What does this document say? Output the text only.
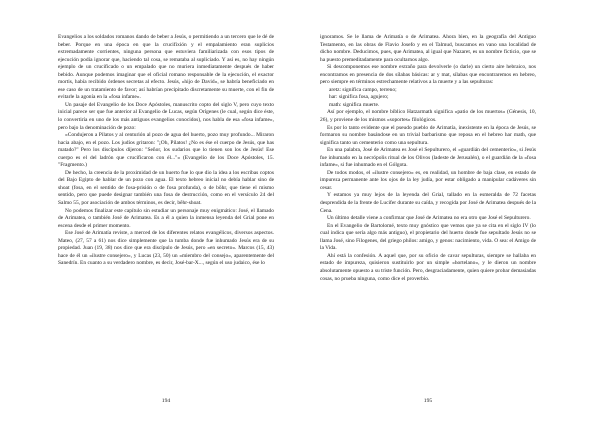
Evangelios a los soldados romanos dando de beber a Jesús, o permitiendo a un tercero que le dé de beber. Porque en una época en que la crucifixión y el empalamiento eran suplicios extremadamente corrientes, ninguna persona que estuviera familiarizada con esos tipos de ejecución podía ignorar que, haciendo tal cosa, se remataba al supliciado. Y así es, no hay ningún ejemplo de un crucificado o un empalado que no muriera inmediatamente después de haber bebido. Aunque podemos imaginar que el oficial romano responsable de la ejecución, el exactor mortis, había recibido órdenes secretas al efecto. Jesús, «hijo de David», se habría beneficiado en ese caso de un tratamiento de favor; así habrían precipitado discretamente su muerte, con el fin de evitarle la agonía en la «fosa infame».

Un pasaje del Evangelio de los Doce Apóstoles, manuscrito copto del siglo V, pero cuyo texto inicial parece ser que fue anterior al Evangelio de Lucas, según Orígenes (le cual, según dice éste, lo convertiría en uno de los más antiguos evangelios conocidos), nos habla de esa «fosa infame», pero bajo la denominación de pozo:

«Condujeron a Pilatos y al centurión al pozo de agua del huerto, pozo muy profundo... Miraron hacia abajo, en el pozo. Los judíos gritaron: "¡Oh, Pilatos! ¿No es ése el cuerpo de Jesús, que has matado?" Pero los discípulos dijeron: "Señor, los sudarios que lo tienen son los de Jesús! Ese cuerpo es el del ladrón que crucificaron con él..."» (Evangelio de los Doce Apóstoles, 15. "Fragmento.)

De hecho, la creencia de la proximidad de un huerto fue lo que dio la idea a los escribas coptos del Bajo Egipto de hablar de un pozo con agua. El texto hebreo inicial no debía hablar sino de shoat (fosa, en el sentido de fosa-prisión o de fosa profunda), o de bôhr, que tiene el mismo sentido, pero que puede designar también una fosa de destrucción, como en el versículo 24 del Salmo 55, por asociación de ambos términos, es decir, bêhr-shoat.

No podemos finalizar este capítulo sin estudiar un personaje muy enigmático: José, el llamado de Arimatea, o también José de Arimatea. Es a él a quien la inmensa leyenda del Grial pone en escena desde el primer momento.

Ese José de Arimatía reviste, a merced de los diferentes relatos evangélicos, diversos aspectos. Mateo, (27, 57 a 61) nos dice simplemente que la tumba donde fue inhumado Jesús era de su propiedad. Juan (19, 38) nos dice que era discípulo de Jesús, pero «en secreto». Marcos (15, 43) hace de él un «ilustre consejero», y Lucas (23, 50) un «miembro del consejo», aparentemente del Sanedrín. En cuanto a su verdadero nombre, es decir, José-bar-X..., según el uso judaico, ése lo

194

ignoramos. Se le llama de Arimatía o de Arimatea. Ahora bien, en la geografía del Antiguo Testamento, en las obras de Flavio Josefo y en el Talmud, buscamos en vano una localidad de dicho nombre. Deducimos, pues, que Arimatea, al igual que Nazaret, es un nombre ficticio, que se ha puesto premeditadamente para ocultarnos algo.

Si descomponemos ese nombre extraño para devolverle (o darle) un cierto aire hebraico, nos encontramos en presencia de dos sílabas básicas: ar y mat, sílabas que encontraremos en hebreo, pero siempre en términos estrechamente relativos a la muerte y a las sepulturas:

aretz: significa campo, terreno;

har: significa fosa, agujero;

math: significa muerte.

Así por ejemplo, el nombre bíblico Hatzarmath significa «patio de los muertos» (Génesis, 10, 26), y proviene de los mismos «soportes» filológicos.

Es por lo tanto evidente que el pseudo pueblo de Arimatía, inexistente en la época de Jesús, se formaron su nombre basándose en un trivial barbarismo que reposa en el hebreo har math, que significa tanto un cementerio como una sepultura.

En una palabra, José de Arimatea es José el Sepulturero, el «guardián del cementerio», si Jesús fue inhumado en la necrópolis ritual de los Olivos (ladeste de Jerusalén), o el guardián de la «fosa infame», si fue inhumado en el Gólgota.

De todos modos, el «ilustre consejero» es, en realidad, un hombre de baja clase, en estado de impureza permanente ante los ojos de la ley judía, por estar obligado a manipular cadáveres sin cesar.

Y estamos ya muy lejos de la leyenda del Grial, tallado en la esmeralda de 72 facetas desprendida de la frente de Lucifer durante su caída, y recogida por José de Arimatea después de la Cena.

Un último detalle viene a confirmar que José de Arimatea no era otro que José el Sepulturero.

En el Evangelio de Bartolomé, texto muy gnóstico que vemos que ya se cita en el siglo IV (lo cual indica que sería algo más antiguo), el propietario del huerto donde fue sepultado Jesús no se llama José, sino Filogenes, del griego philos: amigo, y genos: nacimiento, vida. O sea: el Amigo de la Vida.

Ahí está la confesión. A aquel que, por su oficio de cavar sepulturas, siempre se hallaba en estado de impureza, quisieron sustituirlo por un simple «hortelano», y le dieron un nombre absolutamente opuesto a su triste función. Pero, desgraciadamente, quien quiere probar demasiadas cosas, no prueba ninguna, como dice el proverbio.

195
